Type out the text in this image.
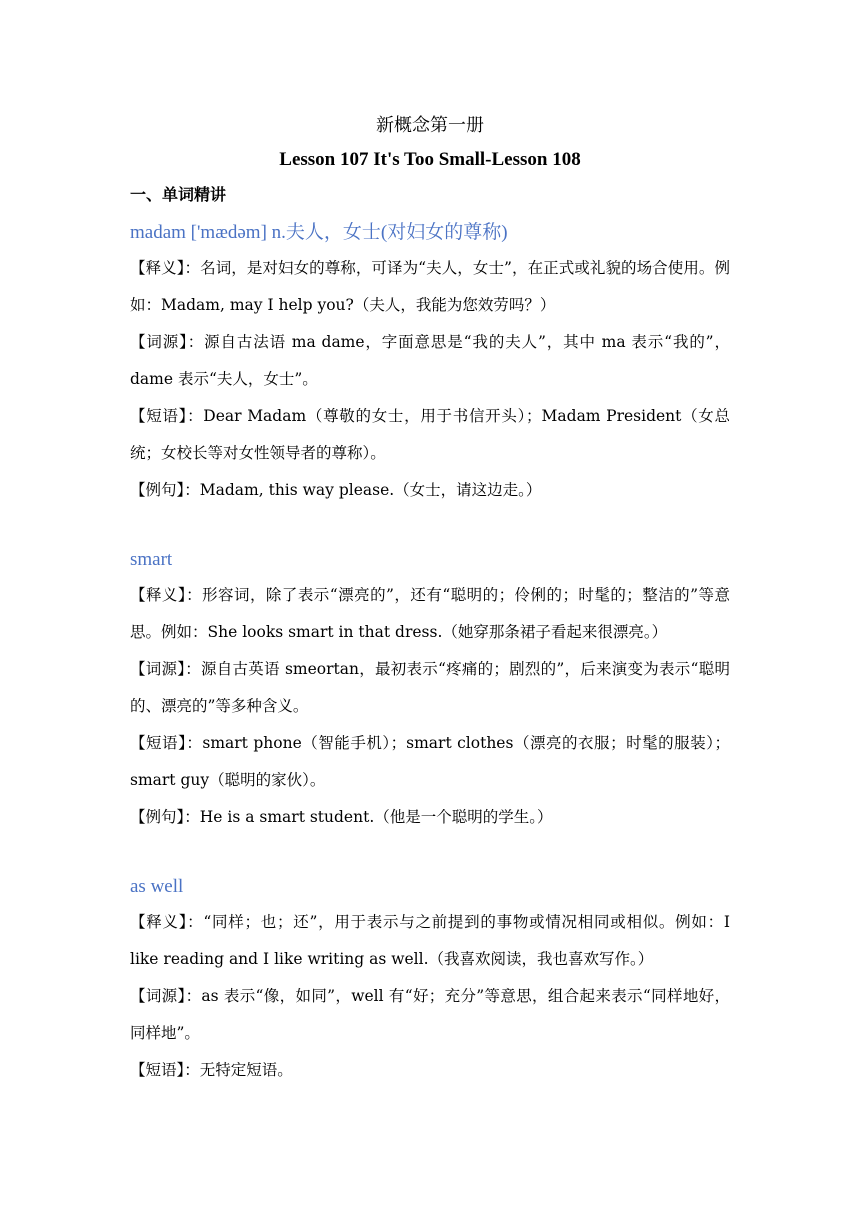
新概念第一册

Lesson 107 It's Too Small-Lesson 108

一、单词精讲

madam ['mædəm] n.夫人，女士(对妇女的尊称)

【释义】：名词，是对妇女的尊称，可译为“夫人，女士”，在正式或礼貌的场合使用。例如：Madam, may I help you?（夫人，我能为您效劳吗？）

【词源】：源自古法语 ma dame，字面意思是“我的夫人”，其中 ma 表示“我的”，dame 表示“夫人，女士”。

【短语】：Dear Madam（尊敬的女士，用于书信开头）；Madam President（女总统；女校长等对女性领导者的尊称）。

【例句】：Madam, this way please.（女士，请这边走。）

smart

【释义】：形容词，除了表示“漂亮的”，还有“聪明的；伶俐的；时髦的；整洁的”等意思。例如：She looks smart in that dress.（她穿那条裙子看起来很漂亮。）

【词源】：源自古英语 smeortan，最初表示“疼痛的；剧烈的”，后来演变为表示“聪明的、漂亮的”等多种含义。

【短语】：smart phone（智能手机）；smart clothes（漂亮的衣服；时髦的服装）；smart guy（聪明的家伙）。

【例句】：He is a smart student.（他是一个聪明的学生。）

as well

【释义】：“同样；也；还”，用于表示与之前提到的事物或情况相同或相似。例如：I like reading and I like writing as well.（我喜欢阅读，我也喜欢写作。）

【词源】：as 表示“像，如同”，well 有“好；充分”等意思，组合起来表示“同样地好，同样地”。

【短语】：无特定短语。
